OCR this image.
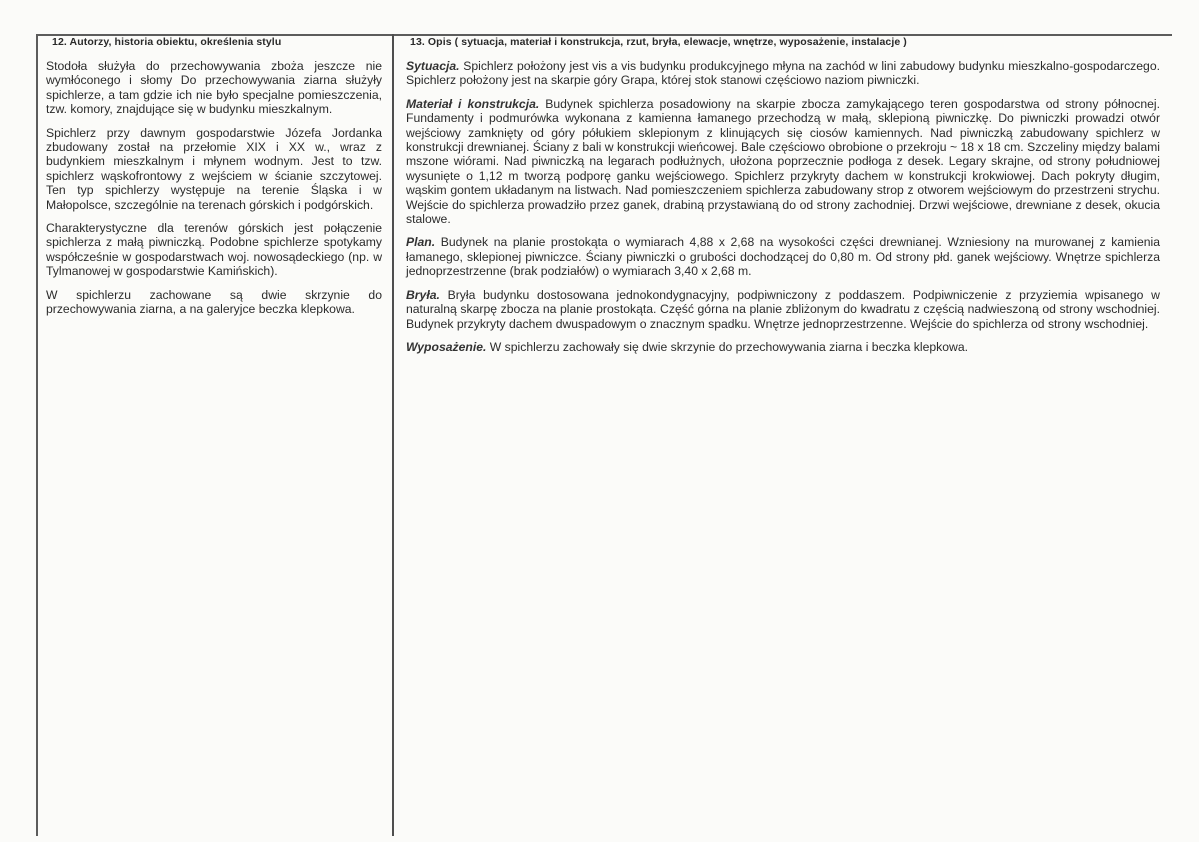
12. Autorzy, historia obiektu, określenia stylu

Stodoła służyła do przechowywania zboża jeszcze nie wymłóconego i słomy Do przechowywania ziarna służyły spichlerze, a tam gdzie ich nie było specjalne pomieszczenia, tzw. komory, znajdujące się w budynku mieszkalnym.

Spichlerz przy dawnym gospodarstwie Józefa Jordanka zbudowany został na przełomie XIX i XX w., wraz z budynkiem mieszkalnym i młynem wodnym. Jest to tzw. spichlerz wąskofrontowy z wejściem w ścianie szczytowej. Ten typ spichlerzy występuje na terenie Śląska i w Małopolsce, szczególnie na terenach górskich i podgórskich.

Charakterystyczne dla terenów górskich jest połączenie spichlerza z małą piwniczką. Podobne spichlerze spotykamy współcześnie w gospodarstwach woj. nowosądeckiego (np. w Tylmanowej w gospodarstwie Kamińskich).

W spichlerzu zachowane są dwie skrzynie do przechowywania ziarna, a na galeryjce beczka klepkowa.

13. Opis ( sytuacja, materiał i konstrukcja, rzut, bryła, elewacje, wnętrze, wyposażenie, instalacje )

Sytuacja. Spichlerz położony jest vis a vis budynku produkcyjnego młyna na zachód w lini zabudowy budynku mieszkalno-gospodarczego. Spichlerz położony jest na skarpie góry Grapa, której stok stanowi częściowo naziom piwniczki.

Materiał i konstrukcja. Budynek spichlerza posadowiony na skarpie zbocza zamykającego teren gospodarstwa od strony północnej. Fundamenty i podmurówka wykonana z kamienna łamanego przechodzą w małą, sklepioną piwniczkę. Do piwniczki prowadzi otwór wejściowy zamknięty od góry półukiem sklepionym z klinujących się ciosów kamiennych. Nad piwniczką zabudowany spichlerz w konstrukcji drewnianej. Ściany z bali w konstrukcji wieńcowej. Bale częściowo obrobione o przekroju ~ 18 x 18 cm. Szczeliny między balami mszone wiórami. Nad piwniczką na legarach podłużnych, ułożona poprzecznie podłoga z desek. Legary skrajne, od strony południowej wysunięte o 1,12 m tworzą podporę ganku wejściowego. Spichlerz przykryty dachem w konstrukcji krokwiowej. Dach pokryty długim, wąskim gontem układanym na listwach. Nad pomieszczeniem spichlerza zabudowany strop z otworem wejściowym do przestrzeni strychu. Wejście do spichlerza prowadziło przez ganek, drabiną przystawianą do od strony zachodniej. Drzwi wejściowe, drewniane z desek, okucia stalowe.

Plan. Budynek na planie prostokąta o wymiarach 4,88 x 2,68 na wysokości części drewnianej. Wzniesiony na murowanej z kamienia łamanego, sklepionej piwniczce. Ściany piwniczki o grubości dochodzącej do 0,80 m. Od strony płd. ganek wejściowy. Wnętrze spichlerza jednoprzestrzenne (brak podziałów) o wymiarach 3,40 x 2,68 m.

Bryła. Bryła budynku dostosowana jednokondygnacyjny, podpiwniczony z poddaszem. Podpiwniczenie z przyziemia wpisanego w naturalną skarpę zbocza na planie prostokąta. Część górna na planie zbliżonym do kwadratu z częścią nadwieszoną od strony wschodniej. Budynek przykryty dachem dwuspadowym o znacznym spadku. Wnętrze jednoprzestrzenne. Wejście do spichlerza od strony wschodniej.

Wyposażenie. W spichlerzu zachowały się dwie skrzynie do przechowywania ziarna i beczka klepkowa.
